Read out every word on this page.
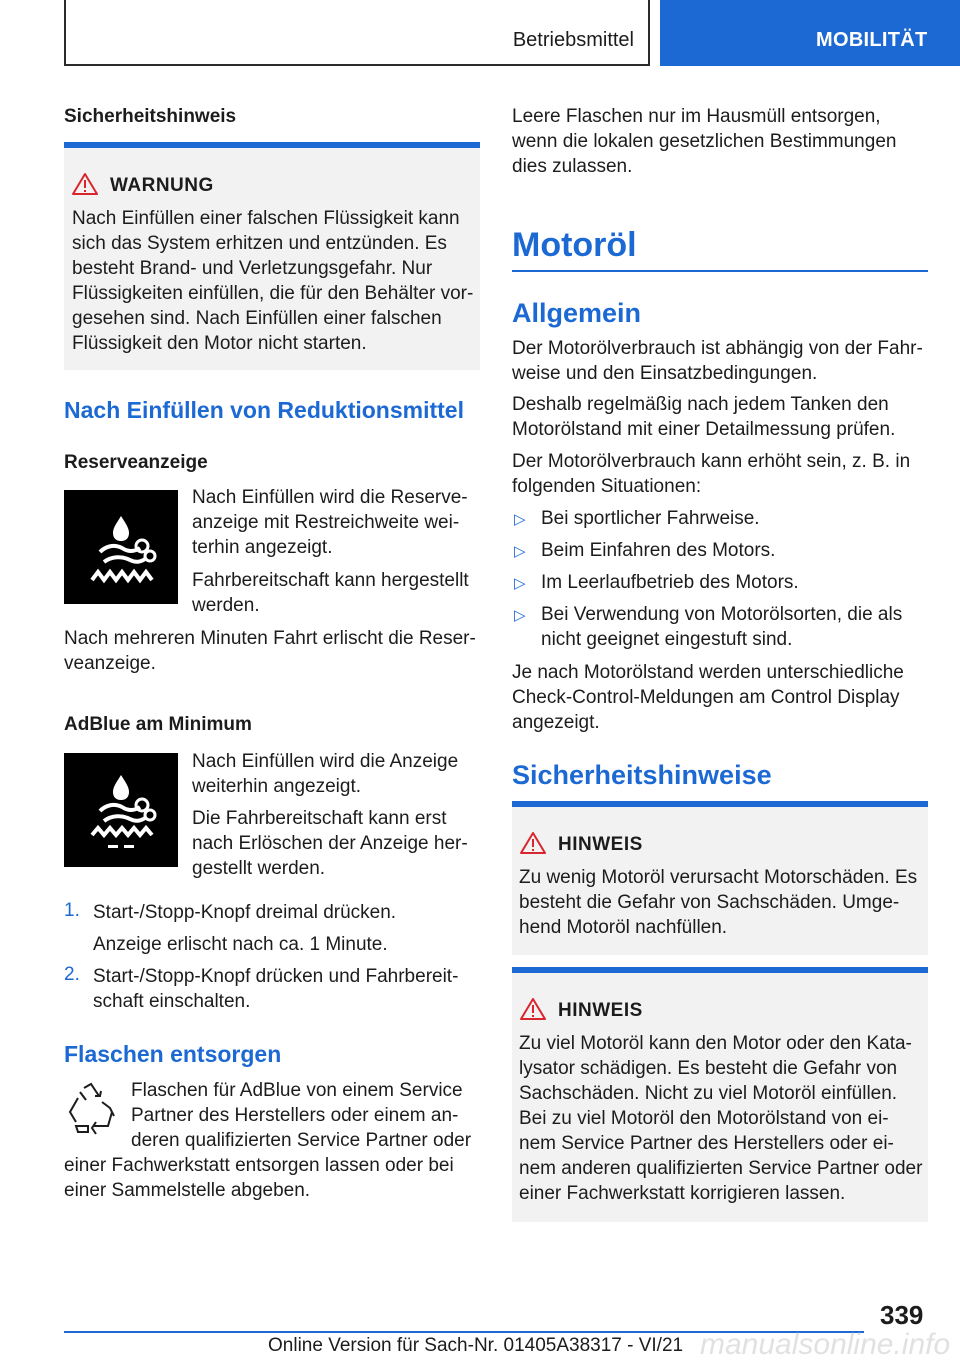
Betriebsmittel	MOBILITÄT
Sicherheitshinweis
WARNUNG
Nach Einfüllen einer falschen Flüssigkeit kann
sich das System erhitzen und entzünden. Es
besteht Brand- und Verletzungsgefahr. Nur
Flüssigkeiten einfüllen, die für den Behälter vor-
gesehen sind. Nach Einfüllen einer falschen
Flüssigkeit den Motor nicht starten.
Nach Einfüllen von Reduktionsmittel
Reserveanzeige
Nach Einfüllen wird die Reserve-
anzeige mit Restreichweite wei-
terhin angezeigt.
Fahrbereitschaft kann hergestellt
werden.
Nach mehreren Minuten Fahrt erlischt die Reser-
veanzeige.
AdBlue am Minimum
Nach Einfüllen wird die Anzeige
weiterhin angezeigt.
Die Fahrbereitschaft kann erst
nach Erlöschen der Anzeige her-
gestellt werden.
1. Start-/Stopp-Knopf dreimal drücken.
Anzeige erlischt nach ca. 1 Minute.
2. Start-/Stopp-Knopf drücken und Fahrbereit-
schaft einschalten.
Flaschen entsorgen
Flaschen für AdBlue von einem Service
Partner des Herstellers oder einem an-
deren qualifizierten Service Partner oder
einer Fachwerkstatt entsorgen lassen oder bei
einer Sammelstelle abgeben.
Leere Flaschen nur im Hausmüll entsorgen,
wenn die lokalen gesetzlichen Bestimmungen
dies zulassen.
Motoröl
Allgemein
Der Motorölverbrauch ist abhängig von der Fahr-
weise und den Einsatzbedingungen.
Deshalb regelmäßig nach jedem Tanken den
Motorölstand mit einer Detailmessung prüfen.
Der Motorölverbrauch kann erhöht sein, z. B. in
folgenden Situationen:
▷ Bei sportlicher Fahrweise.
▷ Beim Einfahren des Motors.
▷ Im Leerlaufbetrieb des Motors.
▷ Bei Verwendung von Motorölsorten, die als
nicht geeignet eingestuft sind.
Je nach Motorölstand werden unterschiedliche
Check-Control-Meldungen am Control Display
angezeigt.
Sicherheitshinweise
HINWEIS
Zu wenig Motoröl verursacht Motorschäden. Es
besteht die Gefahr von Sachschäden. Umge-
hend Motoröl nachfüllen.
HINWEIS
Zu viel Motoröl kann den Motor oder den Kata-
lysator schädigen. Es besteht die Gefahr von
Sachschäden. Nicht zu viel Motoröl einfüllen.
Bei zu viel Motoröl den Motorölstand von ei-
nem Service Partner des Herstellers oder ei-
nem anderen qualifizierten Service Partner oder
einer Fachwerkstatt korrigieren lassen.
339
manualsonline.info
Online Version für Sach-Nr. 01405A38317 - VI/21
